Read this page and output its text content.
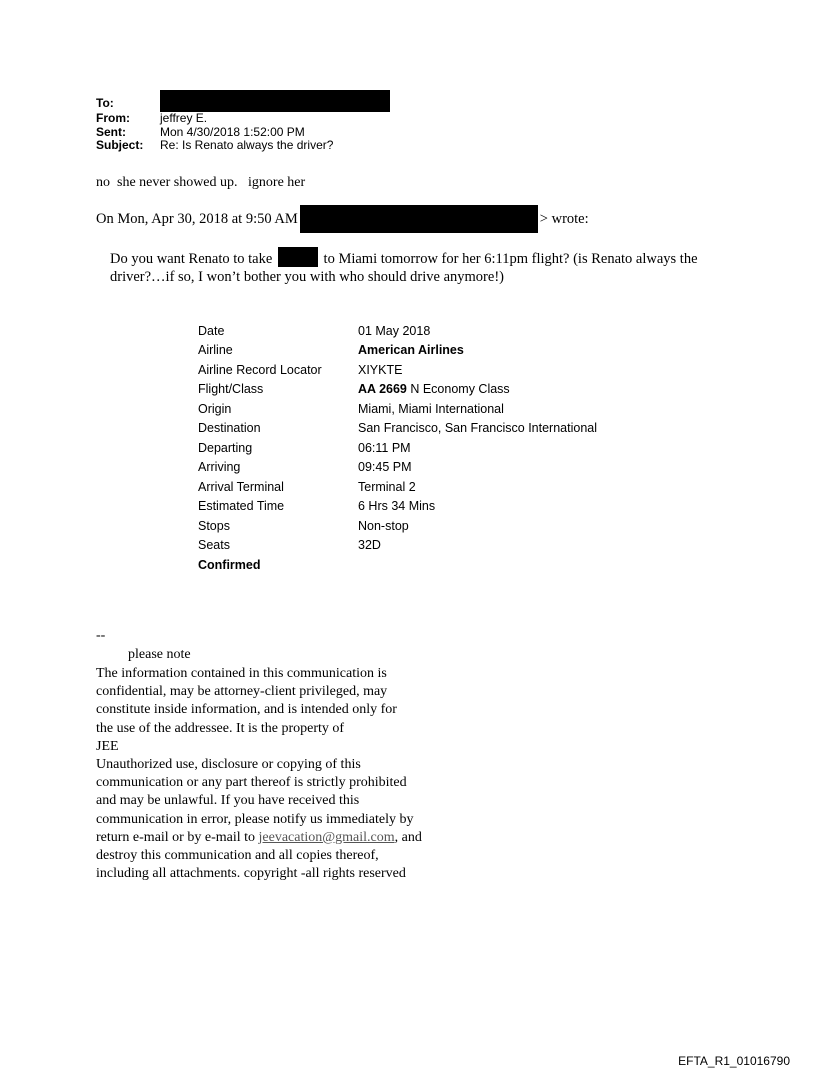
To:
From:	jeffrey E.
Sent:	Mon 4/30/2018 1:52:00 PM
Subject:	Re: Is Renato always the driver?
no  she never showed up.   ignore her
On Mon, Apr 30, 2018 at 9:50 AM	> wrote:
Do you want Renato to take	to Miami tomorrow for her 6:11pm flight? (is Renato always the driver?…if so, I won’t bother you with who should drive anymore!)
Date	01 May 2018
Airline	American Airlines
Airline Record Locator	XIYKTE
Flight/Class	AA 2669 N Economy Class
Origin	Miami, Miami International
Destination	San Francisco, San Francisco International
Departing	06:11 PM
Arriving	09:45 PM
Arrival Terminal	Terminal 2
Estimated Time	6 Hrs 34 Mins
Stops	Non-stop
Seats	32D
Confirmed	
--
please note
The information contained in this communication is
confidential, may be attorney-client privileged, may
constitute inside information, and is intended only for
the use of the addressee. It is the property of
JEE
Unauthorized use, disclosure or copying of this
communication or any part thereof is strictly prohibited
and may be unlawful. If you have received this
communication in error, please notify us immediately by
return e-mail or by e-mail to jeevacation@gmail.com, and
destroy this communication and all copies thereof,
including all attachments. copyright -all rights reserved
EFTA_R1_01016790
